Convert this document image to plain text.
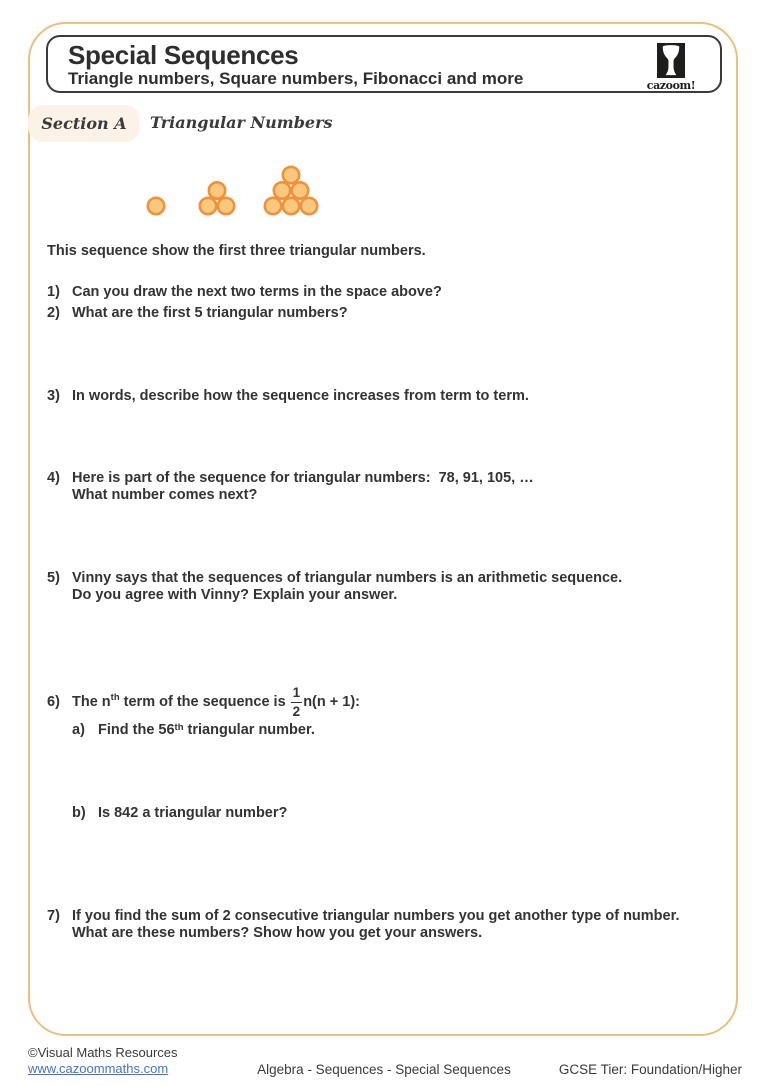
Special Sequences
Triangle numbers, Square numbers, Fibonacci and more	cazoom!
Section A Triangular Numbers
This sequence show the first three triangular numbers.
1) Can you draw the next two terms in the space above?
2) What are the first 5 triangular numbers?
3) In words, describe how the sequence increases from term to term.
4) Here is part of the sequence for triangular numbers:  78, 91, 105, …
What number comes next?
5) Vinny says that the sequences of triangular numbers is an arithmetic sequence.
Do you agree with Vinny? Explain your answer.
6) The n th term of the sequence is $\frac{1}{2} n(n + 1)$:
a) Find the 56th triangular number.
b) Is 842 a triangular number?
7) If you find the sum of 2 consecutive triangular numbers you get another type of number.
What are these numbers? Show how you get your answers.
©Visual Maths Resources
www.cazoommaths.com	Algebra - Sequences - Special Sequences	GCSE Tier: Foundation/Higher
